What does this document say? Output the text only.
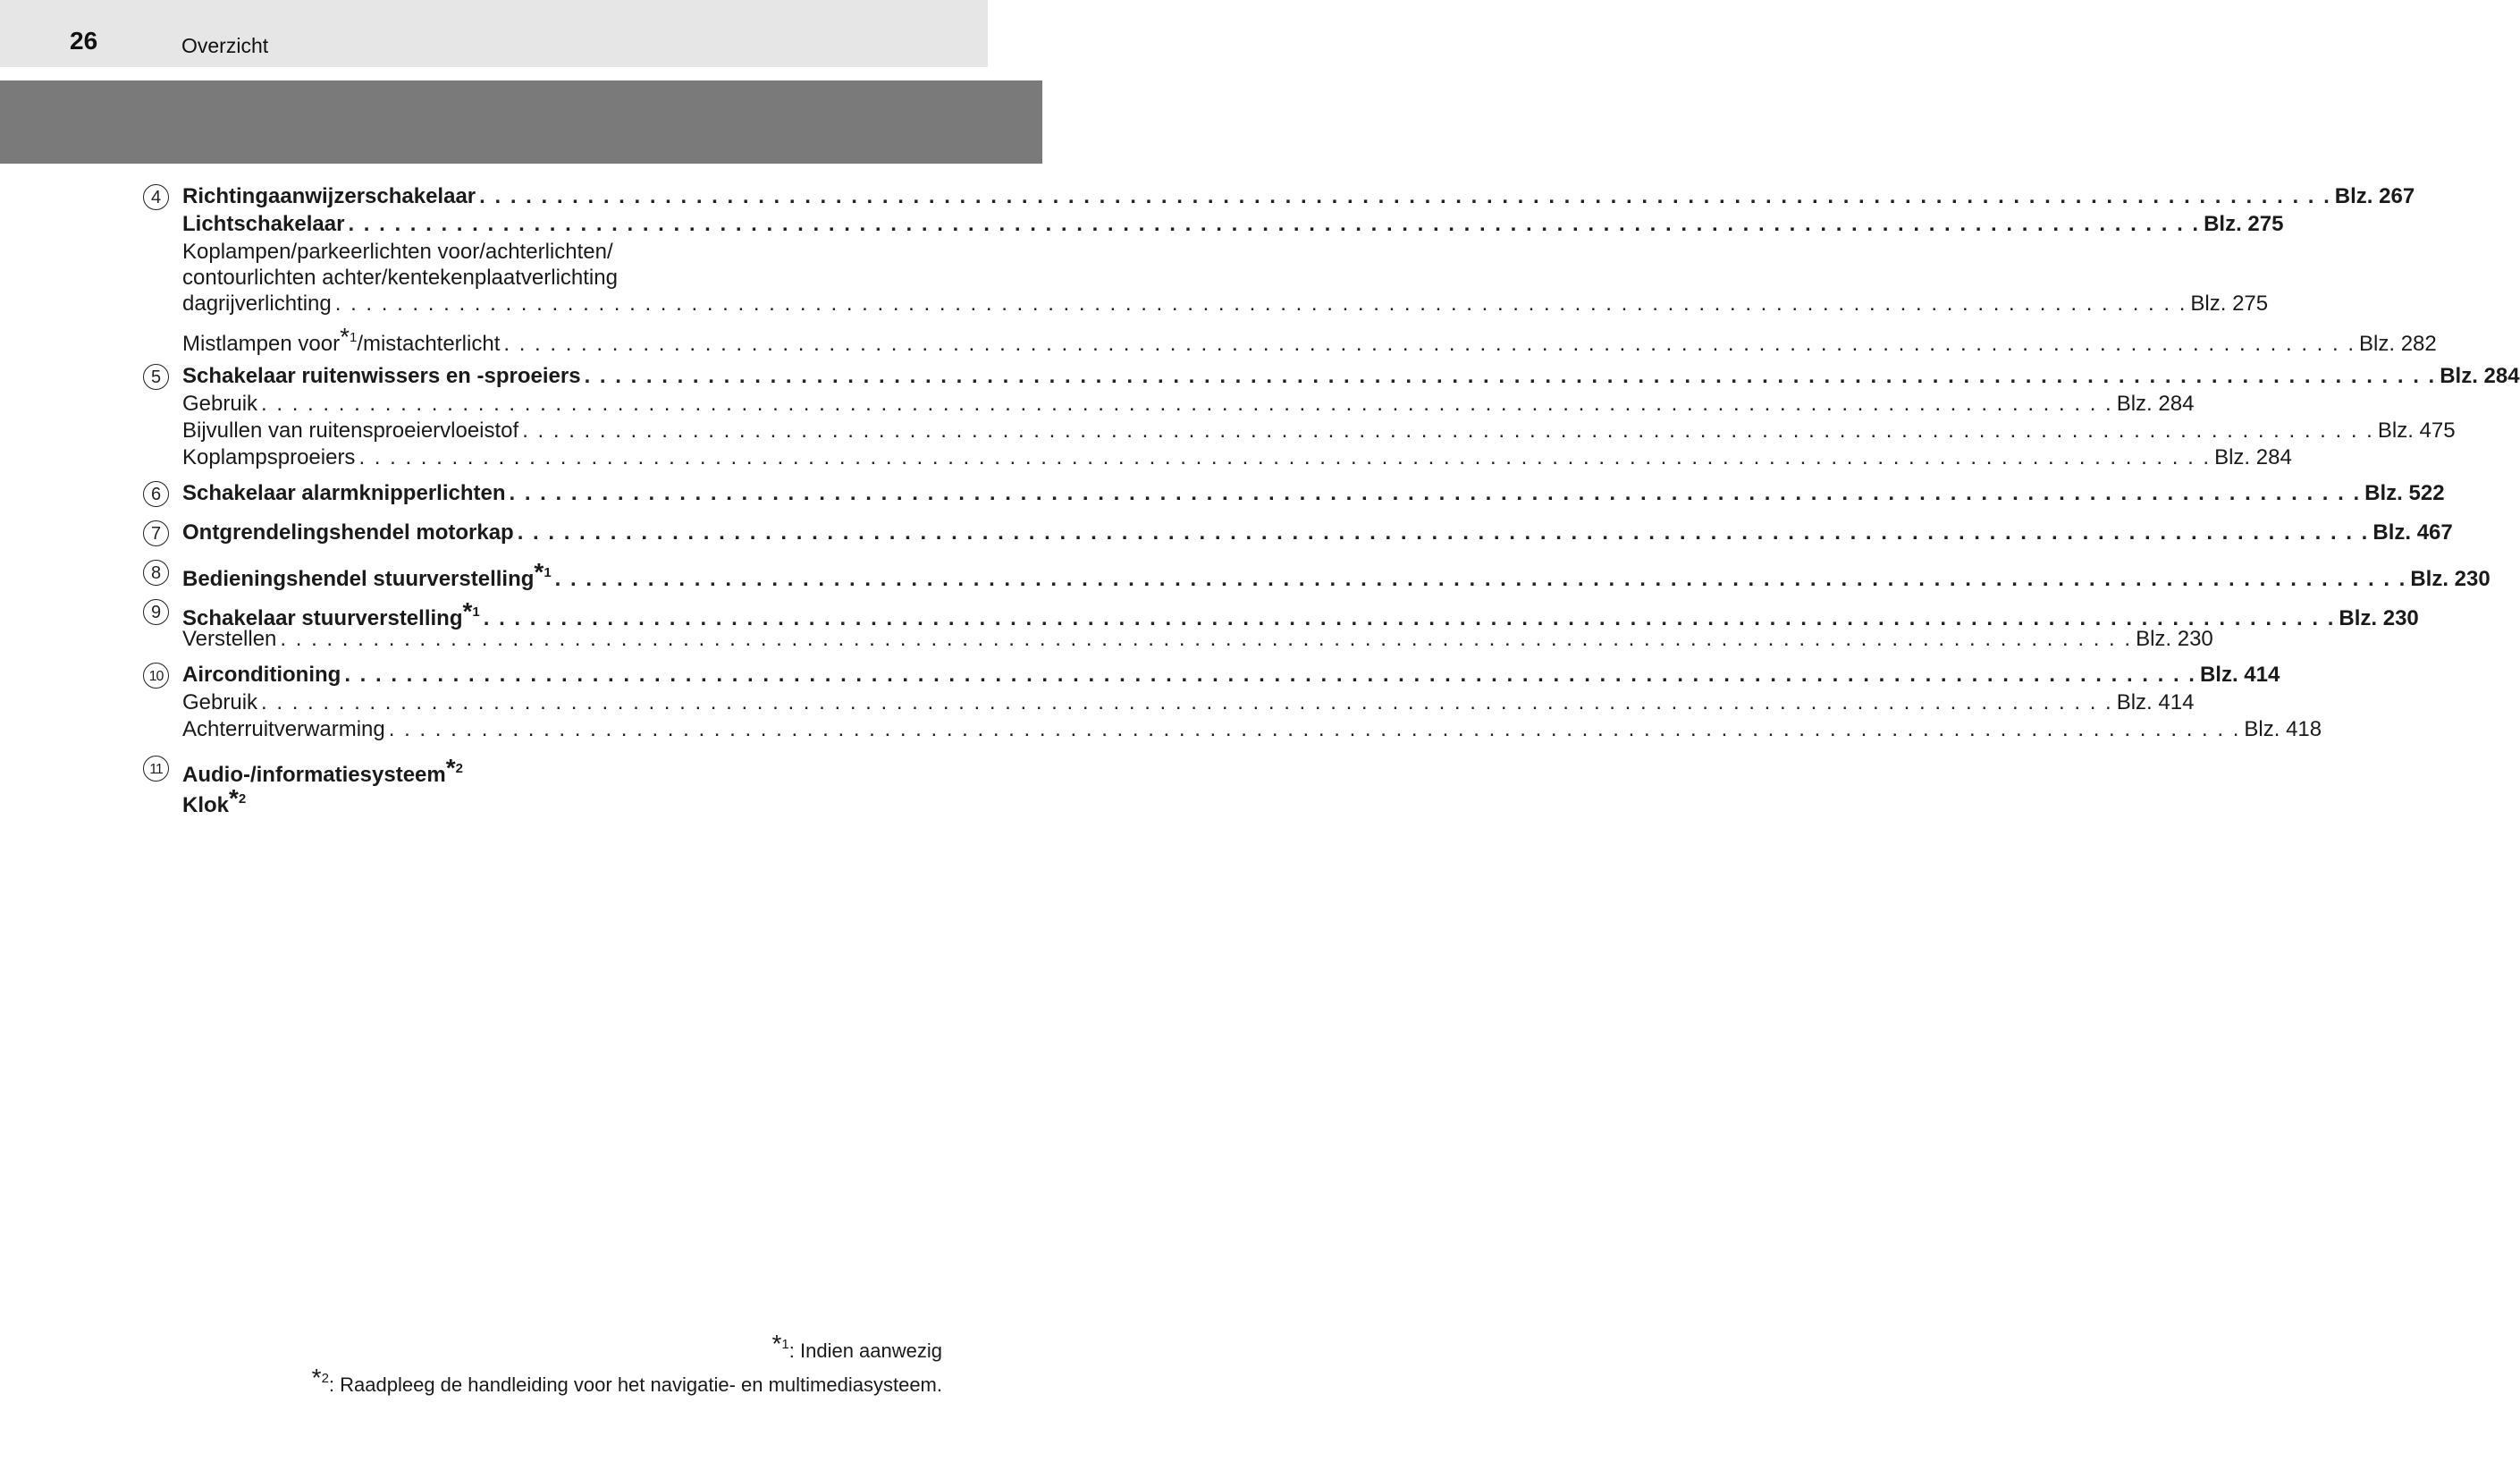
26	Overzicht
4 Richtingaanwijzerschakelaar . . . . . . . . . . . . . . . . . . . . . . . . . . . . . . . . . . . . . . . . . . . . . . . . . . . . . . . . . . . . . . . . . . . . . . . . . . . . . . . . . . . . . . . . . . . . . . . . . . . . . . . . . . . . . . . . . . . . . . . . Blz. 267
Lichtschakelaar . . . . . . . . . . . . . . . . . . . . . . . . . . . . . . . . . . . . . . . . . . . . . . . . . . . . . . . . . . . . . . . . . . . . . . . . . . . . . . . . . . . . . . . . . . . . . . . . . . . . . . . . . . . . . . . . . . . . . . . . Blz. 275
Koplampen/parkeerlichten voor/achterlichten/
contourlichten achter/kentekenplaatverlichting
dagrijverlichting . . . . . . . . . . . . . . . . . . . . . . . . . . . . . . . . . . . . . . . . . . . . . . . . . . . . . . . . . . . . . . . . . . . . . . . . . . . . . . . . . . . . . . . . . . . . . . . . . . . . . . . . . . . . . . . . . . . . . . . . Blz. 275
Mistlampen voor*$^1$/mistachterlicht . . . . . . . . . . . . . . . . . . . . . . . . . . . . . . . . . . . . . . . . . . . . . . . . . . . . . . . . . . . . . . . . . . . . . . . . . . . . . . . . . . . . . . . . . . . . . . . . . . . . . . . . . . . . . . . . . . . . . . . . Blz. 282
5 Schakelaar ruitenwissers en -sproeiers . . . . . . . . . . . . . . . . . . . . . . . . . . . . . . . . . . . . . . . . . . . . . . . . . . . . . . . . . . . . . . . . . . . . . . . . . . . . . . . . . . . . . . . . . . . . . . . . . . . . . . . . . . . . . . . . . . . . . . . . Blz. 284
Gebruik . . . . . . . . . . . . . . . . . . . . . . . . . . . . . . . . . . . . . . . . . . . . . . . . . . . . . . . . . . . . . . . . . . . . . . . . . . . . . . . . . . . . . . . . . . . . . . . . . . . . . . . . . . . . . . . . . . . . . . . . Blz. 284
Bijvullen van ruitensproeiervloeistof . . . . . . . . . . . . . . . . . . . . . . . . . . . . . . . . . . . . . . . . . . . . . . . . . . . . . . . . . . . . . . . . . . . . . . . . . . . . . . . . . . . . . . . . . . . . . . . . . . . . . . . . . . . . . . . . . . . . . . . . Blz. 475
Koplampsproeiers . . . . . . . . . . . . . . . . . . . . . . . . . . . . . . . . . . . . . . . . . . . . . . . . . . . . . . . . . . . . . . . . . . . . . . . . . . . . . . . . . . . . . . . . . . . . . . . . . . . . . . . . . . . . . . . . . . . . . . . . Blz. 284
6 Schakelaar alarmknipperlichten . . . . . . . . . . . . . . . . . . . . . . . . . . . . . . . . . . . . . . . . . . . . . . . . . . . . . . . . . . . . . . . . . . . . . . . . . . . . . . . . . . . . . . . . . . . . . . . . . . . . . . . . . . . . . . . . . . . . . . . . Blz. 522
7 Ontgrendelingshendel motorkap . . . . . . . . . . . . . . . . . . . . . . . . . . . . . . . . . . . . . . . . . . . . . . . . . . . . . . . . . . . . . . . . . . . . . . . . . . . . . . . . . . . . . . . . . . . . . . . . . . . . . . . . . . . . . . . . . . . . . . . . Blz. 467
8 Bedieningshendel stuurverstelling*$^1$ . . . . . . . . . . . . . . . . . . . . . . . . . . . . . . . . . . . . . . . . . . . . . . . . . . . . . . . . . . . . . . . . . . . . . . . . . . . . . . . . . . . . . . . . . . . . . . . . . . . . . . . . . . . . . . . . . . . . . . . . Blz. 230
9 Schakelaar stuurverstelling*$^1$ . . . . . . . . . . . . . . . . . . . . . . . . . . . . . . . . . . . . . . . . . . . . . . . . . . . . . . . . . . . . . . . . . . . . . . . . . . . . . . . . . . . . . . . . . . . . . . . . . . . . . . . . . . . . . . . . . . . . . . . . Blz. 230
Verstellen . . . . . . . . . . . . . . . . . . . . . . . . . . . . . . . . . . . . . . . . . . . . . . . . . . . . . . . . . . . . . . . . . . . . . . . . . . . . . . . . . . . . . . . . . . . . . . . . . . . . . . . . . . . . . . . . . . . . . . . . Blz. 230
10 Airconditioning . . . . . . . . . . . . . . . . . . . . . . . . . . . . . . . . . . . . . . . . . . . . . . . . . . . . . . . . . . . . . . . . . . . . . . . . . . . . . . . . . . . . . . . . . . . . . . . . . . . . . . . . . . . . . . . . . . . . . . . . Blz. 414
Gebruik . . . . . . . . . . . . . . . . . . . . . . . . . . . . . . . . . . . . . . . . . . . . . . . . . . . . . . . . . . . . . . . . . . . . . . . . . . . . . . . . . . . . . . . . . . . . . . . . . . . . . . . . . . . . . . . . . . . . . . . . Blz. 414
Achterruitverwarming . . . . . . . . . . . . . . . . . . . . . . . . . . . . . . . . . . . . . . . . . . . . . . . . . . . . . . . . . . . . . . . . . . . . . . . . . . . . . . . . . . . . . . . . . . . . . . . . . . . . . . . . . . . . . . . . . . . . . . . . Blz. 418
11 Audio-/informatiesysteem*$^2$
Klok*$^2$
*$^1$: Indien aanwezig
*$^2$: Raadpleeg de handleiding voor het navigatie- en multimediasysteem.
